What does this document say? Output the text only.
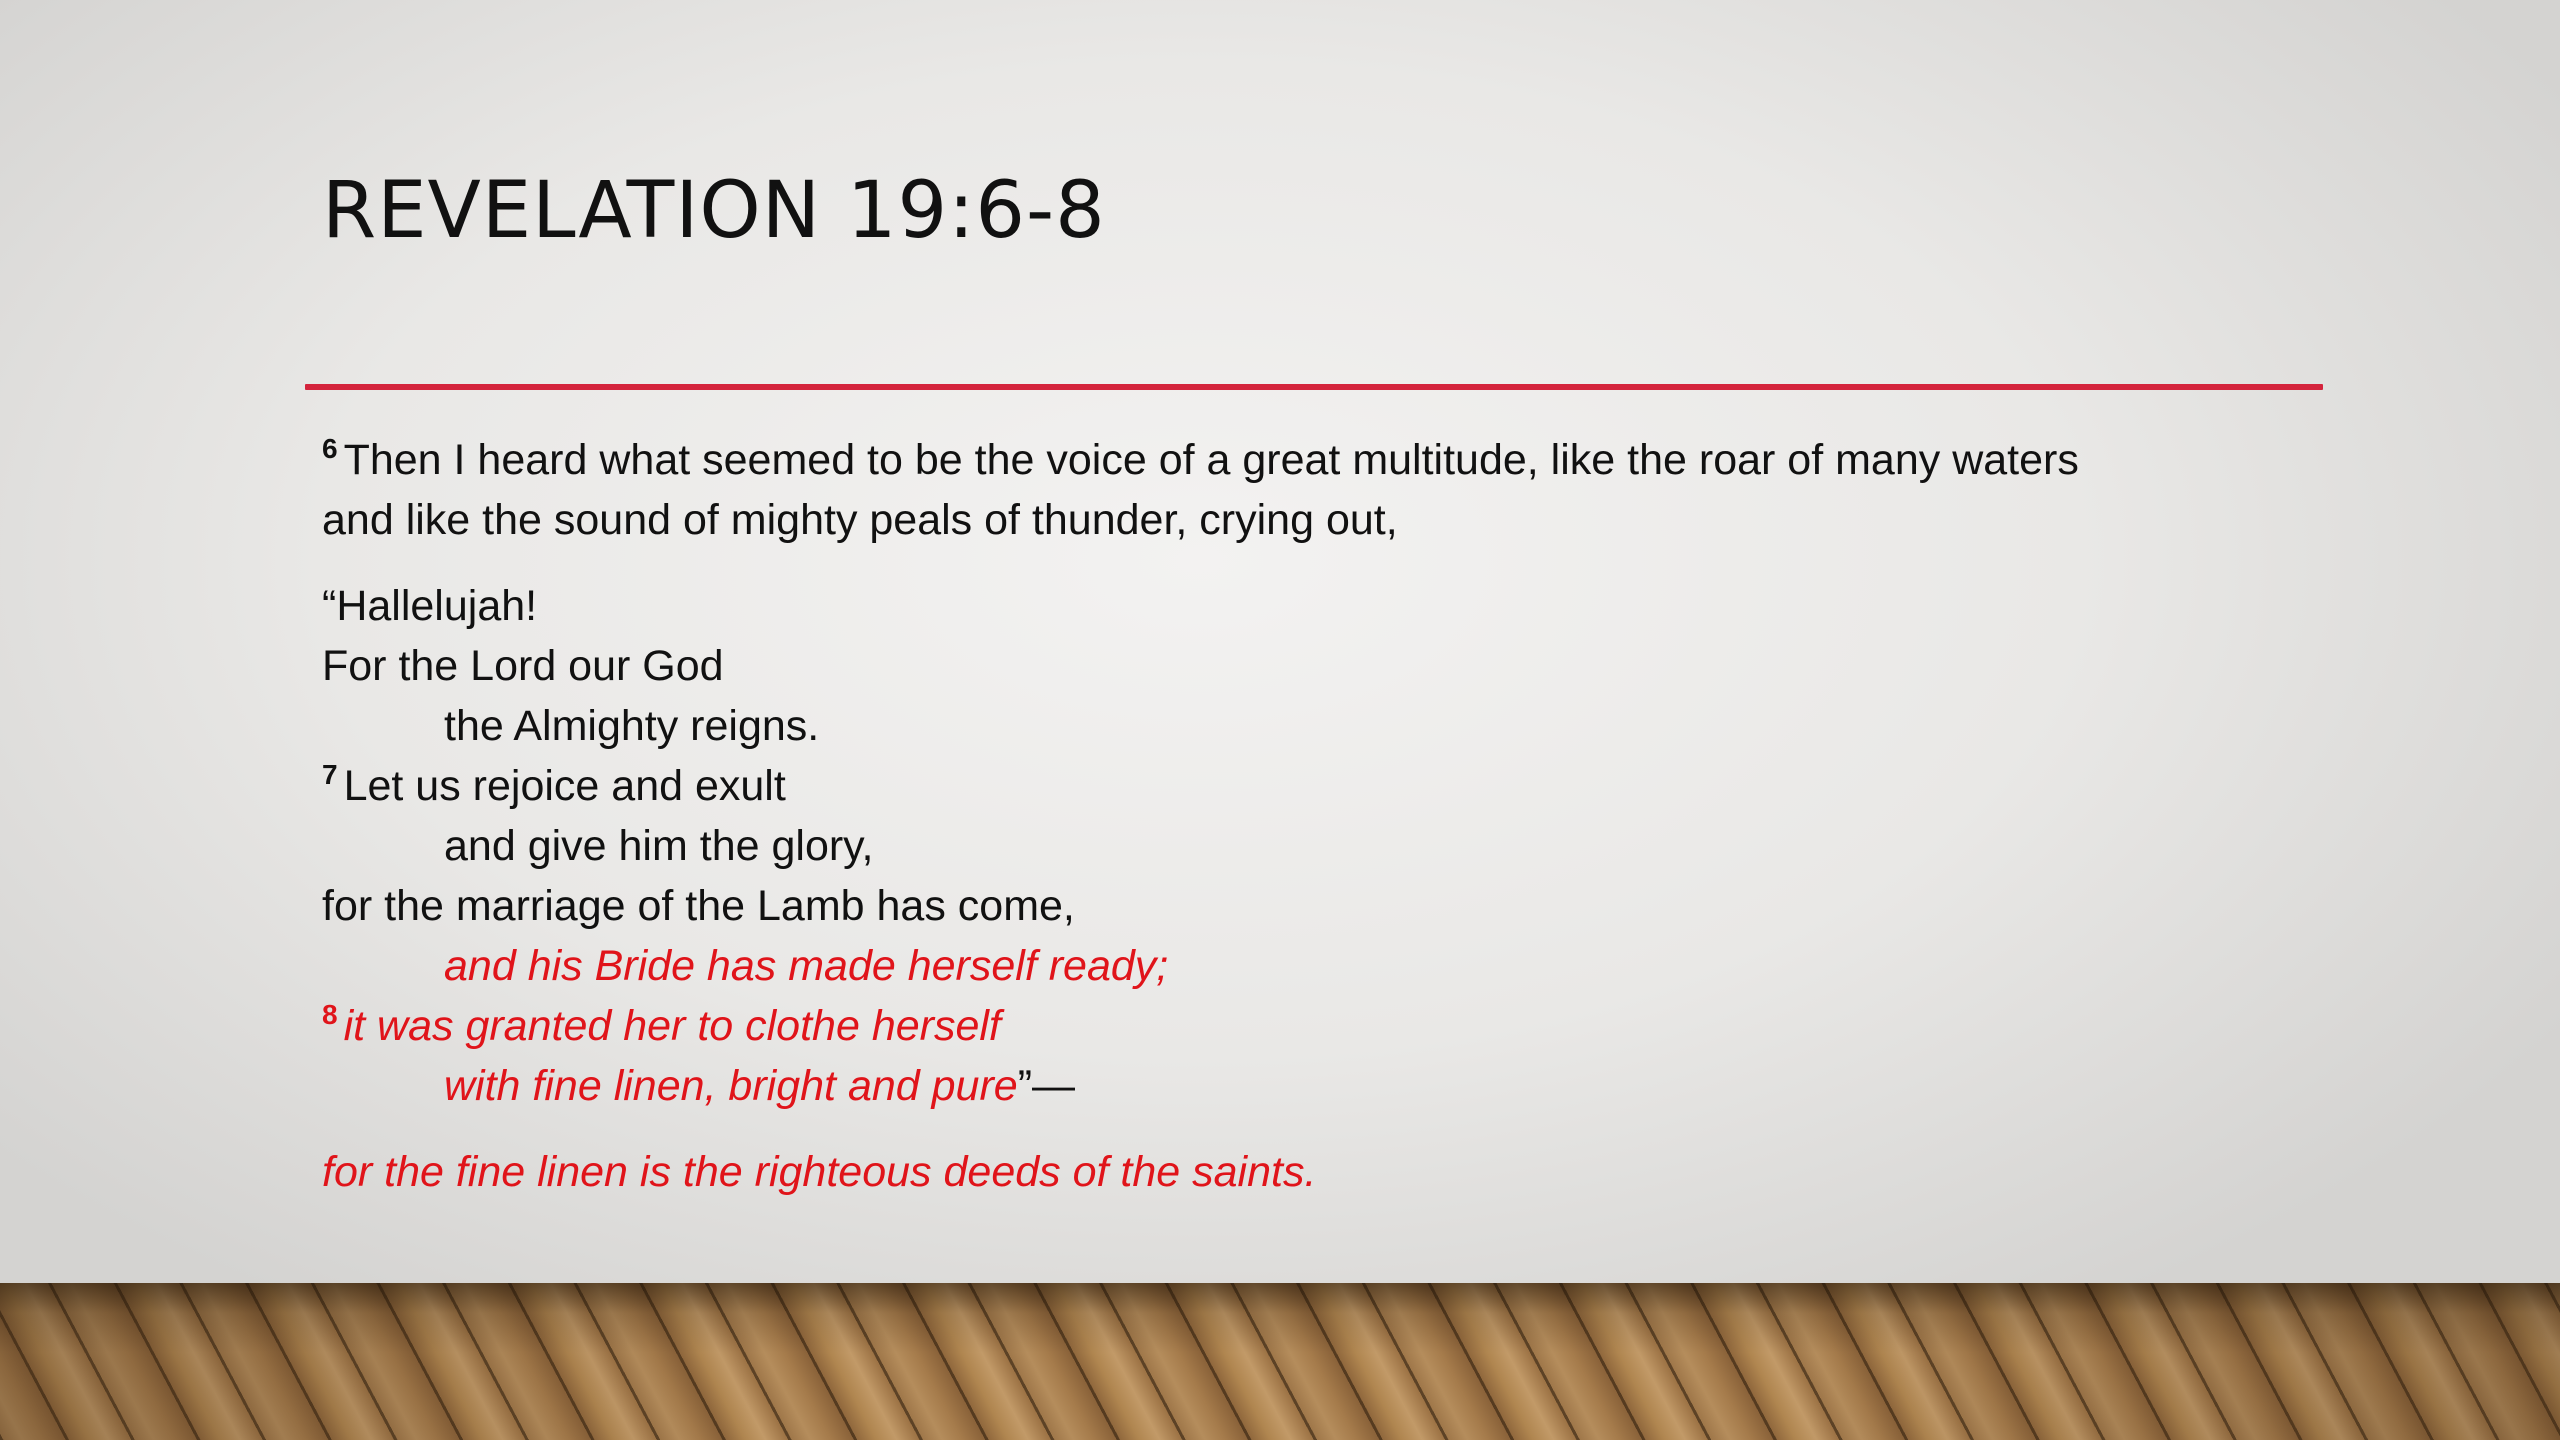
REVELATION 19:6-8
$^6$ Then I heard what seemed to be the voice of a great multitude, like the roar of many waters
and like the sound of mighty peals of thunder, crying out,
“Hallelujah!
For the Lord our God
the Almighty reigns.
$^7$ Let us rejoice and exult
and give him the glory,
for the marriage of the Lamb has come,
and his Bride has made herself ready;
$^8$ it was granted her to clothe herself
with fine linen, bright and pure”—
for the fine linen is the righteous deeds of the saints.
